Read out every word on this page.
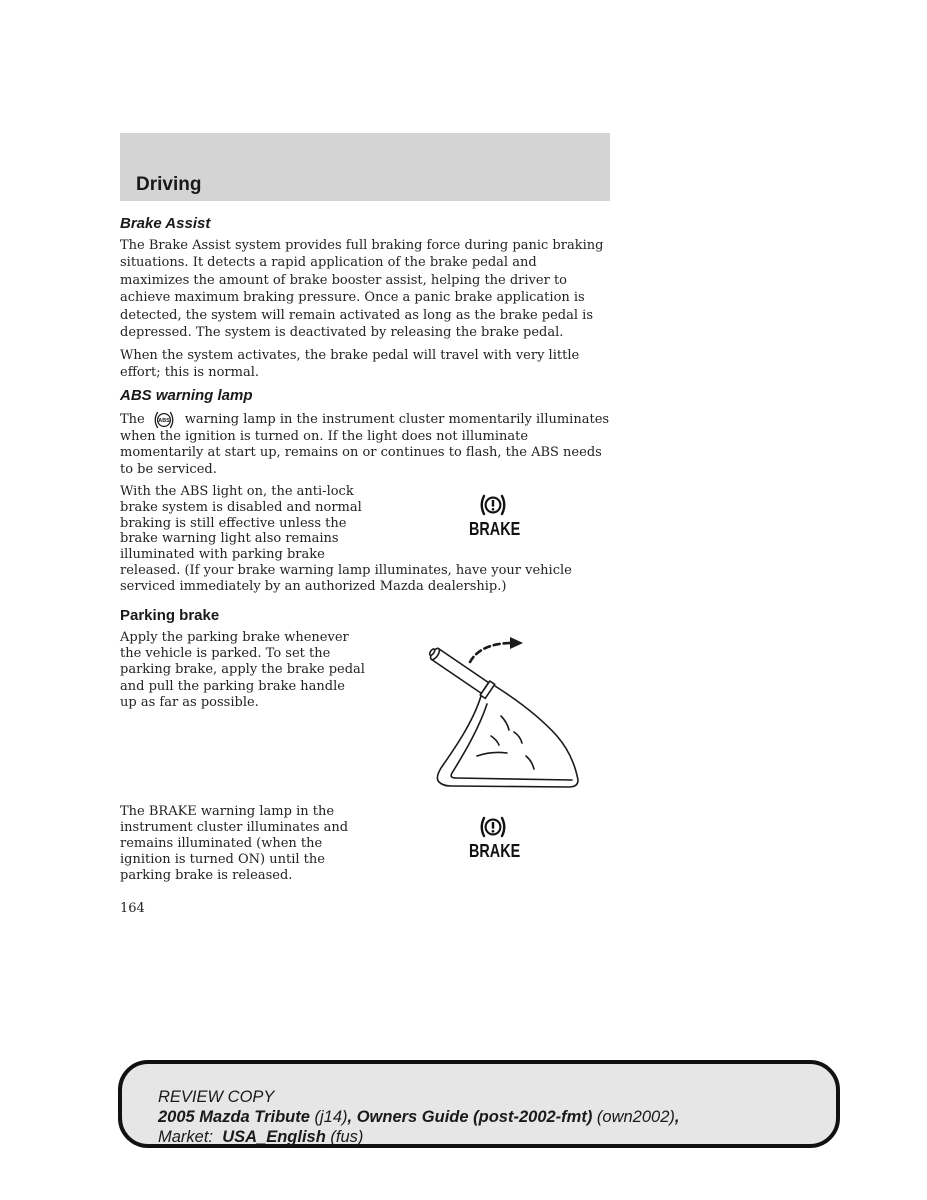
Driving
Brake Assist
The Brake Assist system provides full braking force during panic braking
situations. It detects a rapid application of the brake pedal and
maximizes the amount of brake booster assist, helping the driver to
achieve maximum braking pressure. Once a panic brake application is
detected, the system will remain activated as long as the brake pedal is
depressed. The system is deactivated by releasing the brake pedal.
When the system activates, the brake pedal will travel with very little
effort; this is normal.
ABS warning lamp
The ABS warning lamp in the instrument cluster momentarily illuminates
when the ignition is turned on. If the light does not illuminate
momentarily at start up, remains on or continues to flash, the ABS needs
to be serviced.
With the ABS light on, the anti-lock
brake system is disabled and normal
braking is still effective unless the
brake warning light also remains
illuminated with parking brake
released. (If your brake warning lamp illuminates, have your vehicle
serviced immediately by an authorized Mazda dealership.)
BRAKE
Parking brake
Apply the parking brake whenever
the vehicle is parked. To set the
parking brake, apply the brake pedal
and pull the parking brake handle
up as far as possible.
The BRAKE warning lamp in the
instrument cluster illuminates and
remains illuminated (when the
ignition is turned ON) until the
parking brake is released.
BRAKE
164
REVIEW COPY
2005 Mazda Tribute (j14), Owners Guide (post-2002-fmt) (own2002),
Market: USA_English (fus)
